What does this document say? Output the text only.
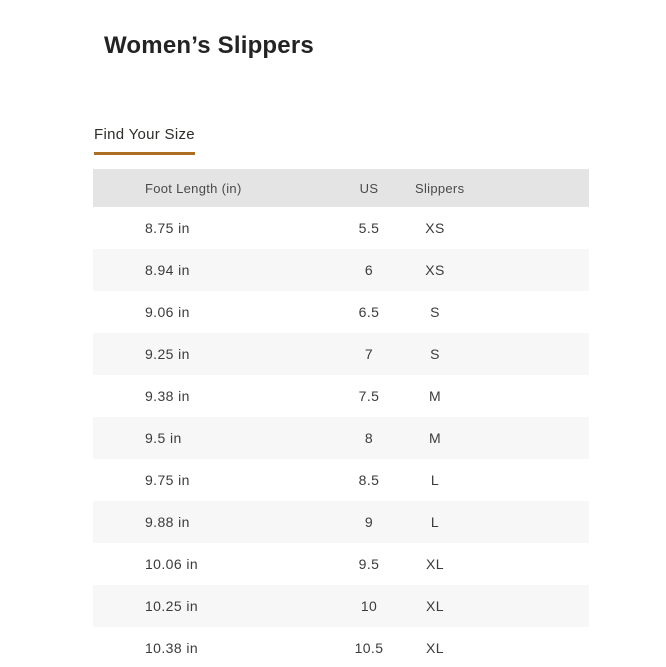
Women’s Slippers
Find Your Size
Foot Length (in)	US	Slippers	
8.75 in	5.5	XS	
8.94 in	6	XS	
9.06 in	6.5	S	
9.25 in	7	S	
9.38 in	7.5	M	
9.5 in	8	M	
9.75 in	8.5	L	
9.88 in	9	L	
10.06 in	9.5	XL	
10.25 in	10	XL	
10.38 in	10.5	XL	
